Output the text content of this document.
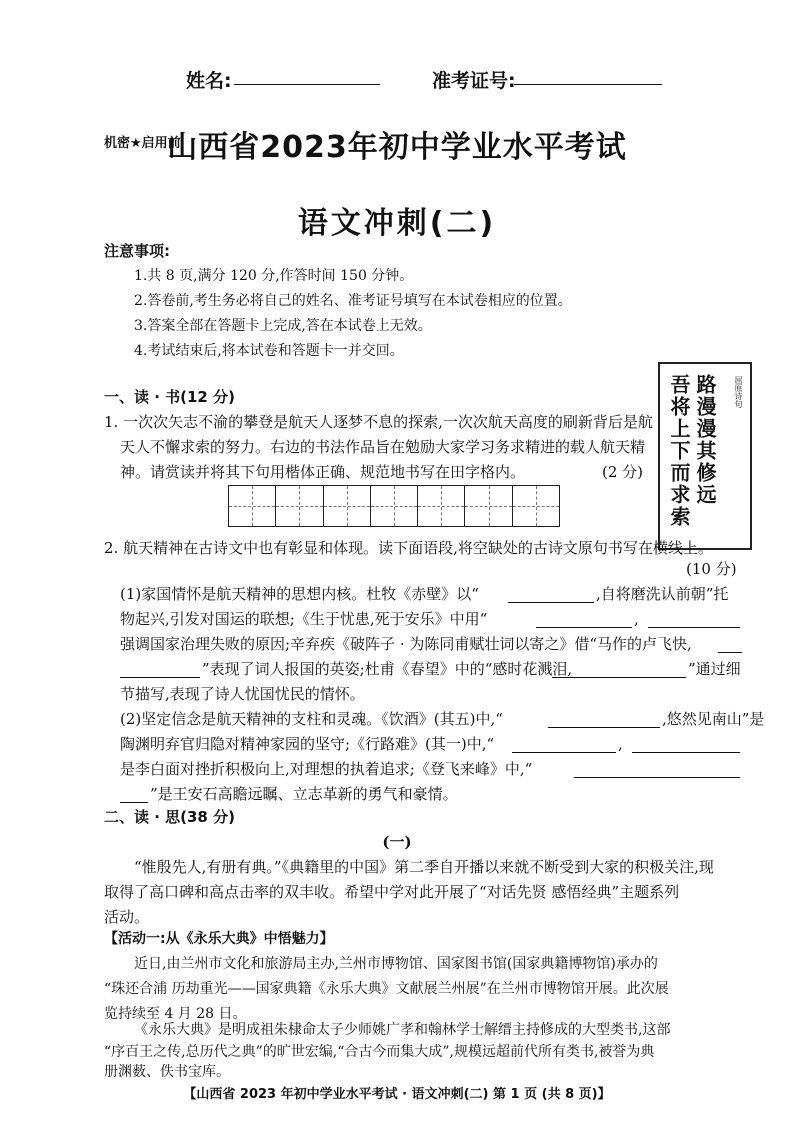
姓名:	准考证号:
机密★启用前
山西省2023年初中学业水平考试
语文冲刺(二)
注意事项:
1.共 8 页,满分 120 分,作答时间 150 分钟。
2.答卷前,考生务必将自己的姓名、准考证号填写在本试卷相应的位置。
3.答案全部在答题卡上完成,答在本试卷上无效。
4.考试结束后,将本试卷和答题卡一并交回。
一、读 · 书(12 分)
1. 一次次矢志不渝的攀登是航天人逐梦不息的探索,一次次航天高度的刷新背后是航
天人不懈求索的努力。右边的书法作品旨在勉励大家学习务求精进的载人航天精
神。请赏读并将其下句用楷体正确、规范地书写在田字格内。	(2 分) 路漫漫其修远
吾将上下而求索	屈原诗句
2. 航天精神在古诗文中也有彰显和体现。读下面语段,将空缺处的古诗文原句书写在横线上。
(10 分)
(1)家国情怀是航天精神的思想内核。杜牧《赤壁》以“	,自将磨洗认前朝”托
物起兴,引发对国运的联想;《生于忧患,死于安乐》中用“	,
强调国家治理失败的原因;辛弃疾《破阵子 · 为陈同甫赋壮词以寄之》借“马作的卢飞快,
”表现了词人报国的英姿;杜甫《春望》中的“感时花溅泪,	”通过细
节描写,表现了诗人忧国忧民的情怀。
(2)坚定信念是航天精神的支柱和灵魂。《饮酒》(其五)中,“	,悠然见南山”是
陶渊明弃官归隐对精神家园的坚守;《行路难》(其一)中,“	,
是李白面对挫折积极向上,对理想的执着追求;《登飞来峰》中,“
”是王安石高瞻远瞩、立志革新的勇气和豪情。
二、读 · 思(38 分)
(一)
“惟殷先人,有册有典。”《典籍里的中国》第二季自开播以来就不断受到大家的积极关注,现
取得了高口碑和高点击率的双丰收。希望中学对此开展了“对话先贤 感悟经典”主题系列
活动。
【活动一:从《永乐大典》中悟魅力】
近日,由兰州市文化和旅游局主办,兰州市博物馆、国家图书馆(国家典籍博物馆)承办的
“珠还合浦 历劫重光——国家典籍《永乐大典》文献展兰州展”在兰州市博物馆开展。此次展
览持续至 4 月 28 日。
《永乐大典》是明成祖朱棣命太子少师姚广孝和翰林学士解缙主持修成的大型类书,这部
“序百王之传,总历代之典”的旷世宏编,“合古今而集大成”,规模远超前代所有类书,被誉为典
【山西省 2023 年初中学业水平考试 · 语文冲刺(二) 第 1 页 (共 8 页)】
册渊薮、佚书宝库。
